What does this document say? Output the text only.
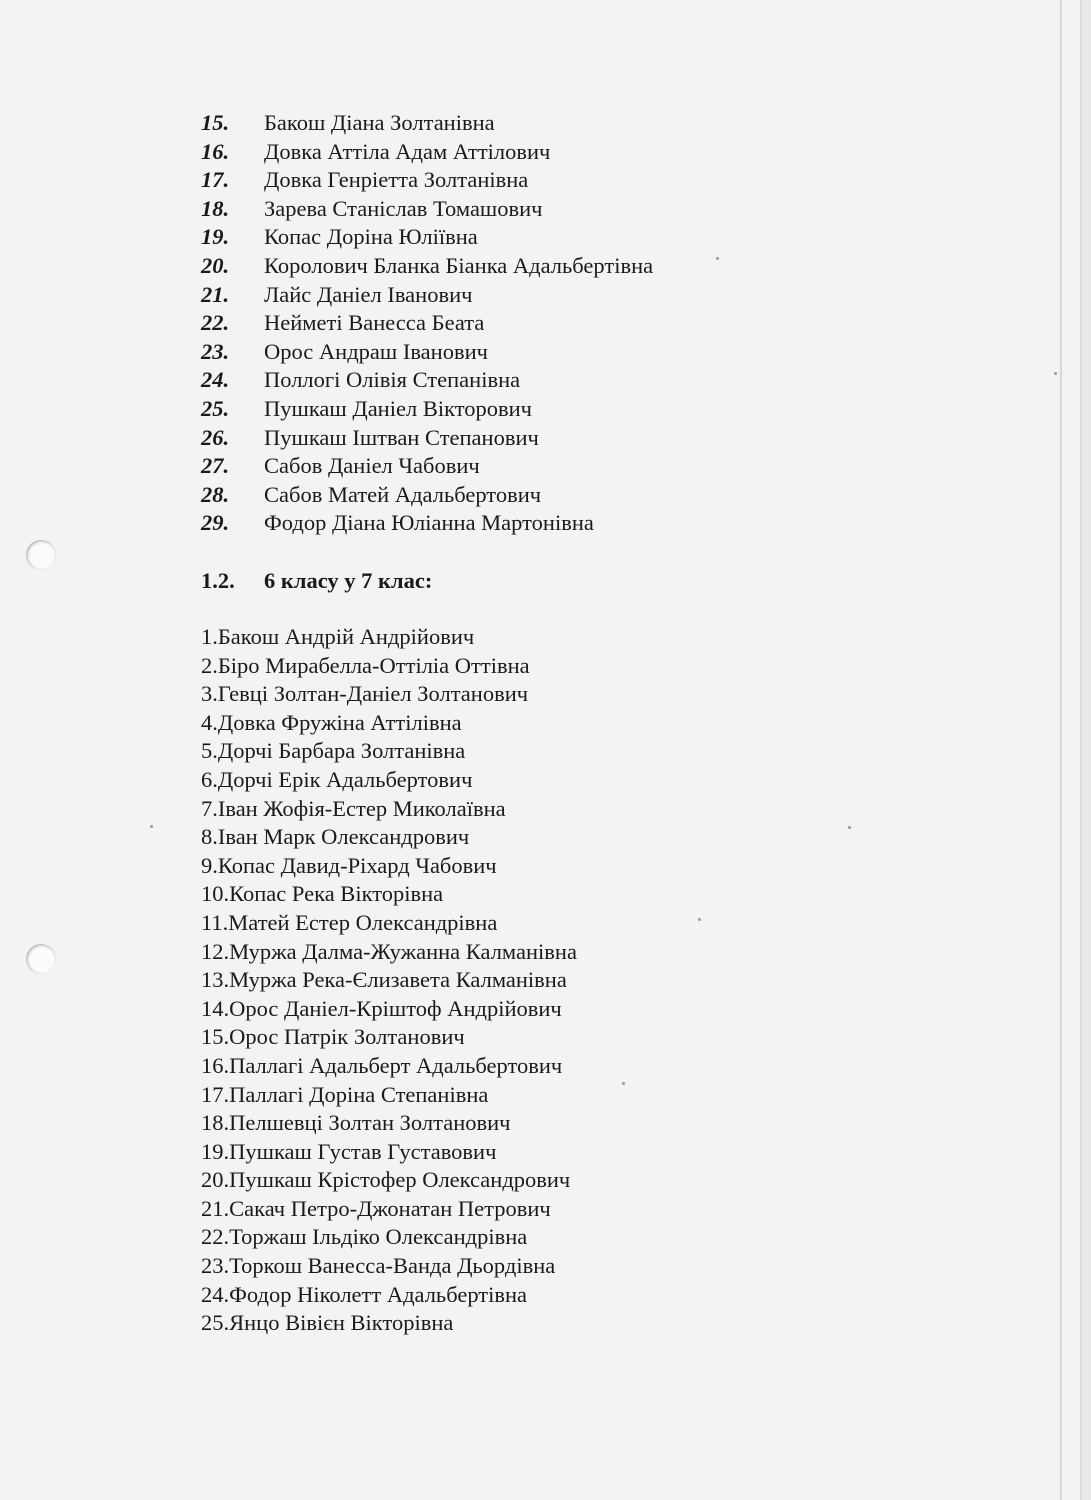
15. Бакош Діана Золтанівна
16. Довка Аттіла Адам Аттілович
17. Довка Генріетта Золтанівна
18. Зарева Станіслав Томашович
19. Копас Доріна Юліївна
20. Королович Бланка Біанка Адальбертівна
21. Лайс Даніел Іванович
22. Нейметі Ванесса Беата
23. Орос Андраш Іванович
24. Поллогі Олівія Степанівна
25. Пушкаш Даніел Вікторович
26. Пушкаш Іштван Степанович
27. Сабов Даніел Чабович
28. Сабов Матей Адальбертович
29. Фодор Діана Юліанна Мартонівна
1.2. 6 класу у 7 клас:
1.Бакош Андрій Андрійович
2.Біро Мирабелла-Оттіліа Оттівна
3.Гевці Золтан-Даніел Золтанович
4.Довка Фружіна Аттілівна
5.Дорчі Барбара Золтанівна
6.Дорчі Ерік Адальбертович
7.Іван Жофія-Естер Миколаївна
8.Іван Марк Олександрович
9.Копас Давид-Ріхард Чабович
10.Копас Река Вікторівна
11.Матей Естер Олександрівна
12.Муржа Далма-Жужанна Калманівна
13.Муржа Река-Єлизавета Калманівна
14.Орос Даніел-Кріштоф Андрійович
15.Орос Патрік Золтанович
16.Паллагі Адальберт Адальбертович
17.Паллагі Доріна Степанівна
18.Пелшевці Золтан Золтанович
19.Пушкаш Густав Густавович
20.Пушкаш Крістофер Олександрович
21.Сакач Петро-Джонатан Петрович
22.Торжаш Ільдіко Олександрівна
23.Торкош Ванесса-Ванда Дьордівна
24.Фодор Ніколетт Адальбертівна
25.Янцо Вівієн Вікторівна
